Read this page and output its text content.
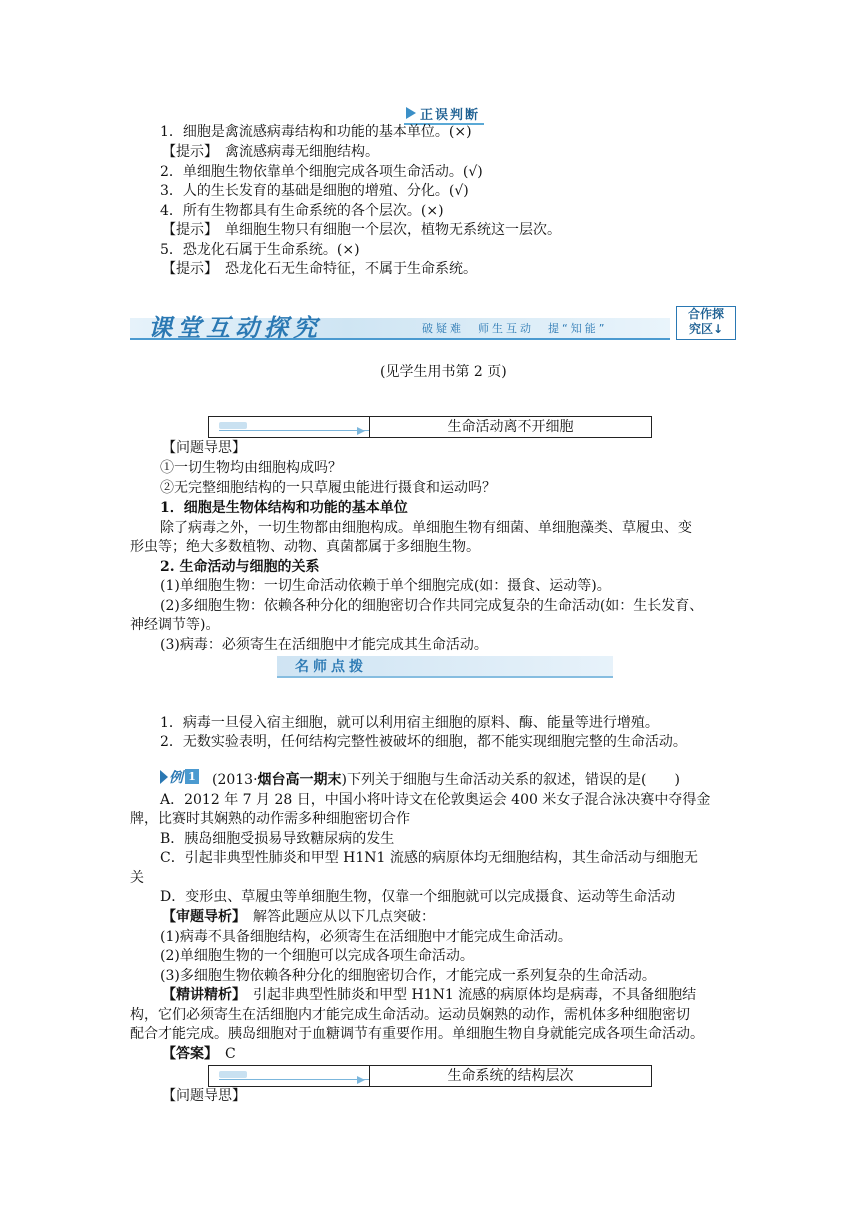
正误判断
1．细胞是禽流感病毒结构和功能的基本单位。(×)
【提示】　禽流感病毒无细胞结构。
2．单细胞生物依靠单个细胞完成各项生命活动。(√)
3．人的生长发育的基础是细胞的增殖、分化。(√)
4．所有生物都具有生命系统的各个层次。(×)
【提示】　单细胞生物只有细胞一个层次，植物无系统这一层次。
5．恐龙化石属于生命系统。(×)
【提示】　恐龙化石无生命特征，不属于生命系统。
课堂互动探究	破疑难　师生互动　提“知能”
合作探
究区↓
(见学生用书第 2 页)
生命活动离不开细胞
【问题导思】
①一切生物均由细胞构成吗？
②无完整细胞结构的一只草履虫能进行摄食和运动吗？
1．细胞是生物体结构和功能的基本单位
除了病毒之外，一切生物都由细胞构成。单细胞生物有细菌、单细胞藻类、草履虫、变
形虫等；绝大多数植物、动物、真菌都属于多细胞生物。
2. 生命活动与细胞的关系
(1)单细胞生物：一切生命活动依赖于单个细胞完成(如：摄食、运动等)。
(2)多细胞生物：依赖各种分化的细胞密切合作共同完成复杂的生命活动(如：生长发育、
神经调节等)。
(3)病毒：必须寄生在活细胞中才能完成其生命活动。
名师点拨
1．病毒一旦侵入宿主细胞，就可以利用宿主细胞的原料、酶、能量等进行增殖。
2．无数实验表明，任何结构完整性被破坏的细胞，都不能实现细胞完整的生命活动。
例 1 (2013·烟台高一期末)下列关于细胞与生命活动关系的叙述，错误的是(　　)
A．2012 年 7 月 28 日，中国小将叶诗文在伦敦奥运会 400 米女子混合泳决赛中夺得金
牌，比赛时其娴熟的动作需多种细胞密切合作
B．胰岛细胞受损易导致糖尿病的发生
C．引起非典型性肺炎和甲型 H1N1 流感的病原体均无细胞结构，其生命活动与细胞无
关
D．变形虫、草履虫等单细胞生物，仅靠一个细胞就可以完成摄食、运动等生命活动
【审题导析】　解答此题应从以下几点突破：
(1)病毒不具备细胞结构，必须寄生在活细胞中才能完成生命活动。
(2)单细胞生物的一个细胞可以完成各项生命活动。
(3)多细胞生物依赖各种分化的细胞密切合作，才能完成一系列复杂的生命活动。
【精讲精析】　引起非典型性肺炎和甲型 H1N1 流感的病原体均是病毒，不具备细胞结
构，它们必须寄生在活细胞内才能完成生命活动。运动员娴熟的动作，需机体多种细胞密切
配合才能完成。胰岛细胞对于血糖调节有重要作用。单细胞生物自身就能完成各项生命活动。
【答案】　C
生命系统的结构层次
【问题导思】
